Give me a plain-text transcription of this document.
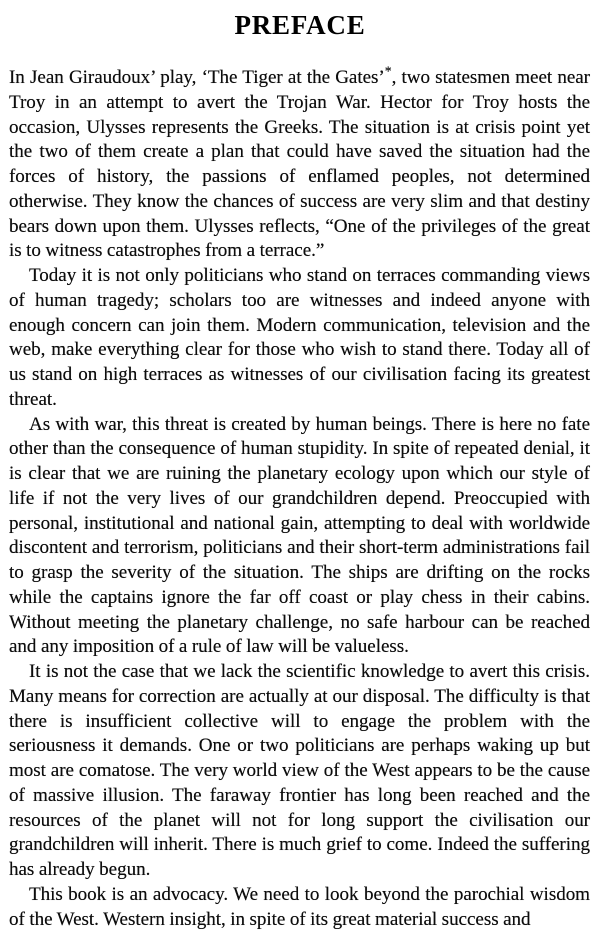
PREFACE

In Jean Giraudoux’ play, ‘The Tiger at the Gates’*, two statesmen meet near Troy in an attempt to avert the Trojan War. Hector for Troy hosts the occasion, Ulysses represents the Greeks. The situation is at crisis point yet the two of them create a plan that could have saved the situation had the forces of history, the passions of enflamed peoples, not determined otherwise. They know the chances of success are very slim and that destiny bears down upon them. Ulysses reflects, “One of the privileges of the great is to witness catastrophes from a terrace.”

Today it is not only politicians who stand on terraces commanding views of human tragedy; scholars too are witnesses and indeed anyone with enough concern can join them. Modern communication, television and the web, make everything clear for those who wish to stand there. Today all of us stand on high terraces as witnesses of our civilisation facing its greatest threat.

As with war, this threat is created by human beings. There is here no fate other than the consequence of human stupidity. In spite of repeated denial, it is clear that we are ruining the planetary ecology upon which our style of life if not the very lives of our grandchildren depend. Preoccupied with personal, institutional and national gain, attempting to deal with worldwide discontent and terrorism, politicians and their short-term administrations fail to grasp the severity of the situation. The ships are drifting on the rocks while the captains ignore the far off coast or play chess in their cabins. Without meeting the planetary challenge, no safe harbour can be reached and any imposition of a rule of law will be valueless.

It is not the case that we lack the scientific knowledge to avert this crisis. Many means for correction are actually at our disposal. The difficulty is that there is insufficient collective will to engage the problem with the seriousness it demands. One or two politicians are perhaps waking up but most are comatose. The very world view of the West appears to be the cause of massive illusion. The faraway frontier has long been reached and the resources of the planet will not for long support the civilisation our grandchildren will inherit. There is much grief to come. Indeed the suffering has already begun.

This book is an advocacy. We need to look beyond the parochial wisdom of the West. Western insight, in spite of its great material success and
